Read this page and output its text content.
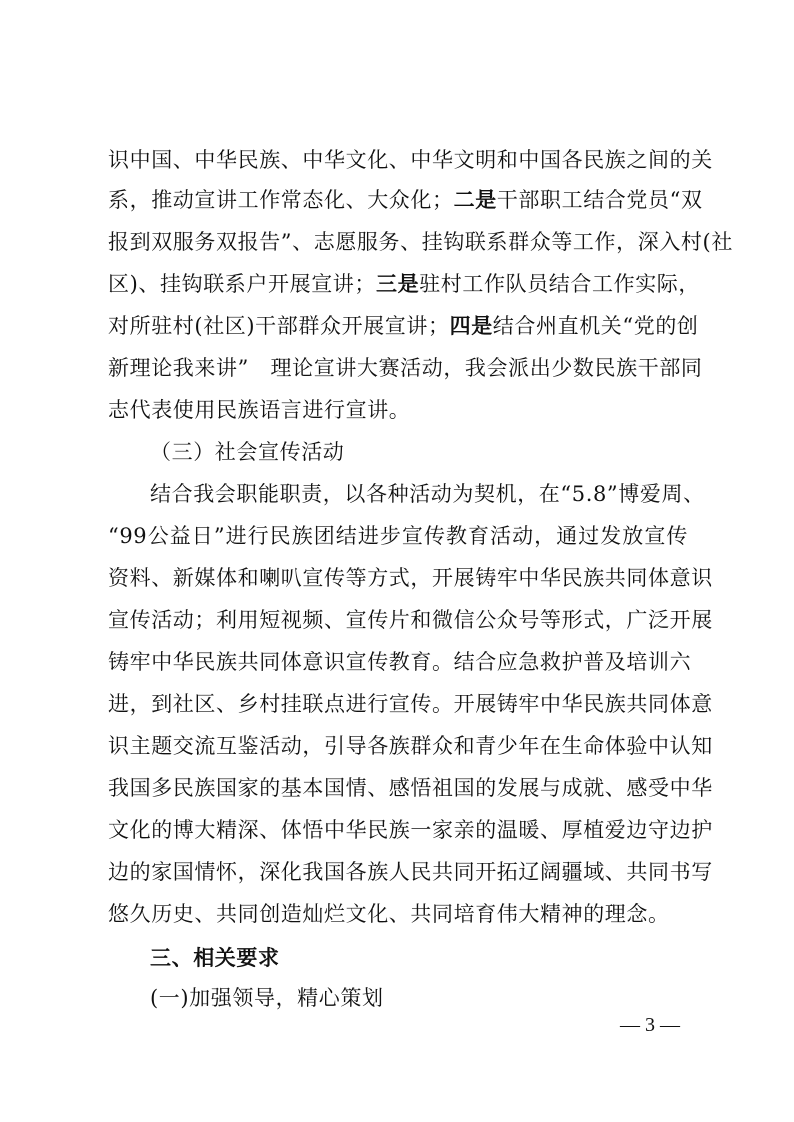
识中国、中华民族、中华文化、中华文明和中国各民族之间的关
系，推动宣讲工作常态化、大众化；二是干部职工结合党员“双
报到双服务双报告”、志愿服务、挂钩联系群众等工作，深入村(社
区)、挂钩联系户开展宣讲；三是驻村工作队员结合工作实际，
对所驻村(社区)干部群众开展宣讲；四是结合州直机关“党的创
新理论我来讲”　理论宣讲大赛活动，我会派出少数民族干部同
志代表使用民族语言进行宣讲。
（三）社会宣传活动
结合我会职能职责，以各种活动为契机，在“5.8”博爱周、
“99公益日”进行民族团结进步宣传教育活动，通过发放宣传
资料、新媒体和喇叭宣传等方式，开展铸牢中华民族共同体意识
宣传活动；利用短视频、宣传片和微信公众号等形式，广泛开展
铸牢中华民族共同体意识宣传教育。结合应急救护普及培训六
进，到社区、乡村挂联点进行宣传。开展铸牢中华民族共同体意
识主题交流互鉴活动，引导各族群众和青少年在生命体验中认知
我国多民族国家的基本国情、感悟祖国的发展与成就、感受中华
文化的博大精深、体悟中华民族一家亲的温暖、厚植爱边守边护
边的家国情怀，深化我国各族人民共同开拓辽阔疆域、共同书写
悠久历史、共同创造灿烂文化、共同培育伟大精神的理念。
三、相关要求
(一)加强领导，精心策划
— 3 —
